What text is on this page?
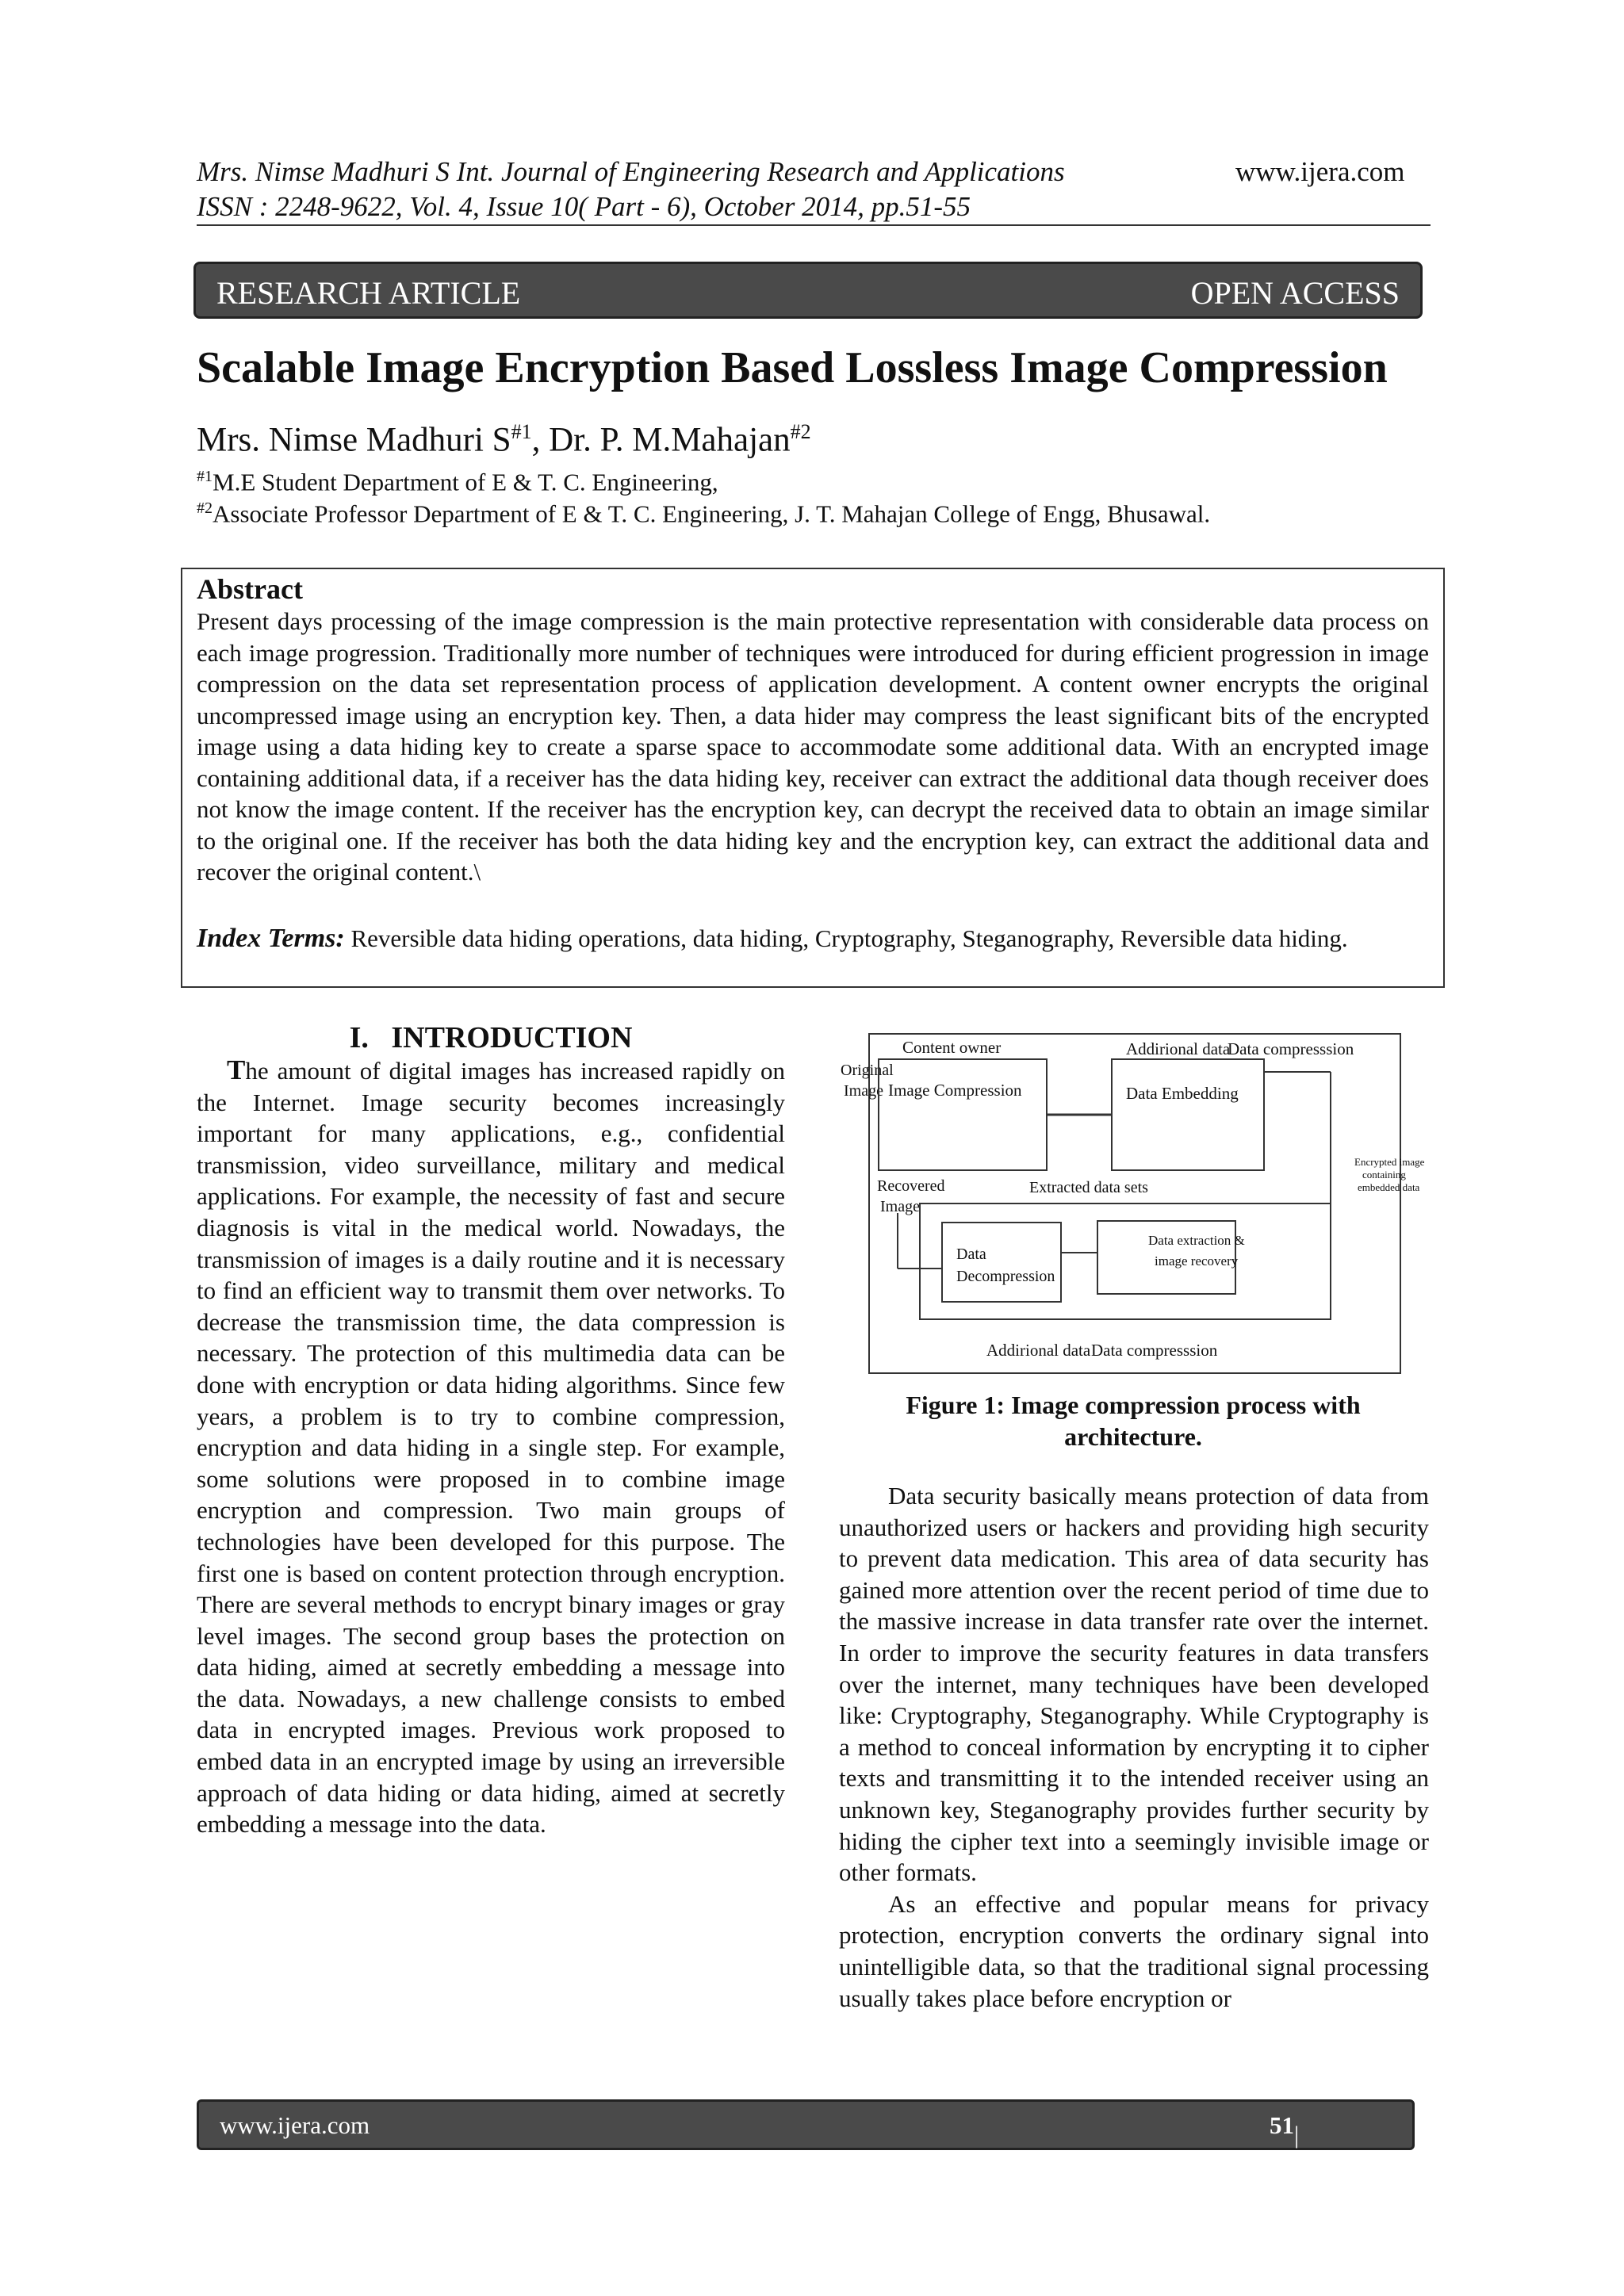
Mrs. Nimse Madhuri S Int. Journal of Engineering Research and Applications
ISSN : 2248-9622, Vol. 4, Issue 10( Part - 6), October 2014, pp.51-55
www.ijera.com
RESEARCH ARTICLE	OPEN ACCESS
Scalable Image Encryption Based Lossless Image Compression
Mrs. Nimse Madhuri $S^{\#1}$, Dr. P. M.Mahajan$^{\#2}$
$^{\#1}$M.E Student Department of E & T. C. Engineering,
$^{\#2}$Associate Professor Department of E & T. C. Engineering, J. T. Mahajan College of Engg, Bhusawal.
Abstract
Present days processing of the image compression is the main protective representation with considerable data process on each image progression. Traditionally more number of techniques were introduced for during efficient progression in image compression on the data set representation process of application development. A content owner encrypts the original uncompressed image using an encryption key. Then, a data hider may compress the least significant bits of the encrypted image using a data hiding key to create a sparse space to accommodate some additional data. With an encrypted image containing additional data, if a receiver has the data hiding key, receiver can extract the additional data though receiver does not know the image content. If the receiver has the encryption key, can decrypt the received data to obtain an image similar to the original one. If the receiver has both the data hiding key and the encryption key, can extract the additional data and recover the original content.\
Index Terms: Reversible data hiding operations, data hiding, Cryptography, Steganography, Reversible data hiding.
I.   INTRODUCTION

The amount of digital images has increased rapidly on the Internet. Image security becomes increasingly important for many applications, e.g., confidential transmission, video surveillance, military and medical applications. For example, the necessity of fast and secure diagnosis is vital in the medical world. Nowadays, the transmission of images is a daily routine and it is necessary to find an efficient way to transmit them over networks. To decrease the transmission time, the data compression is necessary. The protection of this multimedia data can be done with encryption or data hiding algorithms. Since few years, a problem is to try to combine compression, encryption and data hiding in a single step. For example, some solutions were proposed in to combine image encryption and compression. Two main groups of technologies have been developed for this purpose. The first one is based on content protection through encryption. There are several methods to encrypt binary images or gray level images. The second group bases the protection on data hiding, aimed at secretly embedding a message into the data. Nowadays, a new challenge consists to embed data in encrypted images. Previous work proposed to embed data in an encrypted image by using an irreversible approach of data hiding or data hiding, aimed at secretly embedding a message into the data.

Content owner	Addirional data
Data compresssion
Original
Image Image Compression	Data Embedding
Encrypted image
containing
embedded data
Recovered
Image
Extracted data sets
Data
Decompression
Data extraction &
image recovery
Addirional data Data compresssion
Figure 1: Image compression process with architecture.

Data security basically means protection of data from unauthorized users or hackers and providing high security to prevent data medication. This area of data security has gained more attention over the recent period of time due to the massive increase in data transfer rate over the internet. In order to improve the security features in data transfers over the internet, many techniques have been developed like: Cryptography, Steganography. While Cryptography is a method to conceal information by encrypting it to cipher texts and transmitting it to the intended receiver using an unknown key, Steganography provides further security by hiding the cipher text into a seemingly invisible image or other formats.

As an effective and popular means for privacy protection, encryption converts the ordinary signal into unintelligible data, so that the traditional signal processing usually takes place before encryption or

www.ijera.com	51 | P a g
